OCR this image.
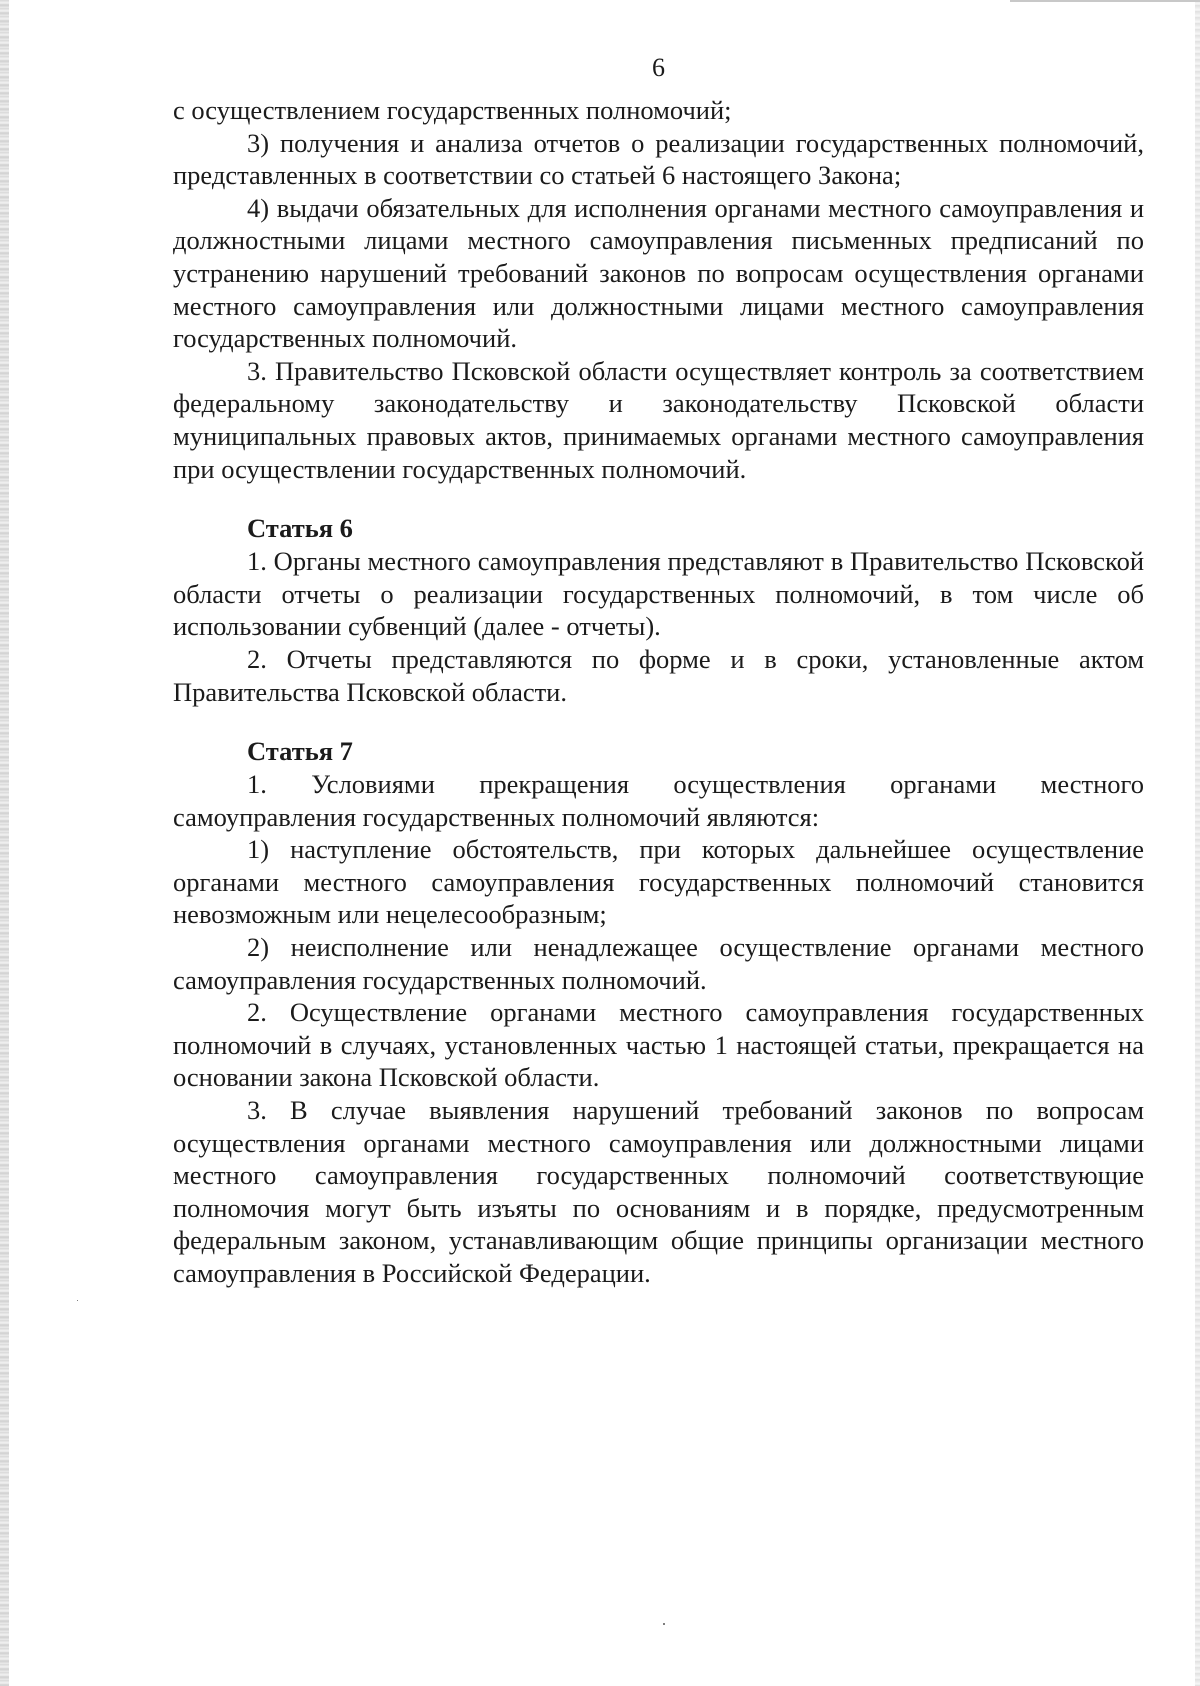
6

с осуществлением государственных полномочий;

3) получения и анализа отчетов о реализации государственных полномочий, представленных в соответствии со статьей 6 настоящего Закона;

4) выдачи обязательных для исполнения органами местного самоуправления и должностными лицами местного самоуправления письменных предписаний по устранению нарушений требований законов по вопросам осуществления органами местного самоуправления или должностными лицами местного самоуправления государственных полномочий.

3. Правительство Псковской области осуществляет контроль за соответствием федеральному законодательству и законодательству Псковской области муниципальных правовых актов, принимаемых органами местного самоуправления при осуществлении государственных полномочий.

Статья 6

1. Органы местного самоуправления представляют в Правительство Псковской области отчеты о реализации государственных полномочий, в том числе об использовании субвенций (далее - отчеты).

2. Отчеты представляются по форме и в сроки, установленные актом Правительства Псковской области.

Статья 7

1. Условиями прекращения осуществления органами местного самоуправления государственных полномочий являются:

1) наступление обстоятельств, при которых дальнейшее осуществление органами местного самоуправления государственных полномочий становится невозможным или нецелесообразным;

2) неисполнение или ненадлежащее осуществление органами местного самоуправления государственных полномочий.

2. Осуществление органами местного самоуправления государственных полномочий в случаях, установленных частью 1 настоящей статьи, прекращается на основании закона Псковской области.

3. В случае выявления нарушений требований законов по вопросам осуществления органами местного самоуправления или должностными лицами местного самоуправления государственных полномочий соответствующие полномочия могут быть изъяты по основаниям и в порядке, предусмотренным федеральным законом, устанавливающим общие принципы организации местного самоуправления в Российской Федерации.
